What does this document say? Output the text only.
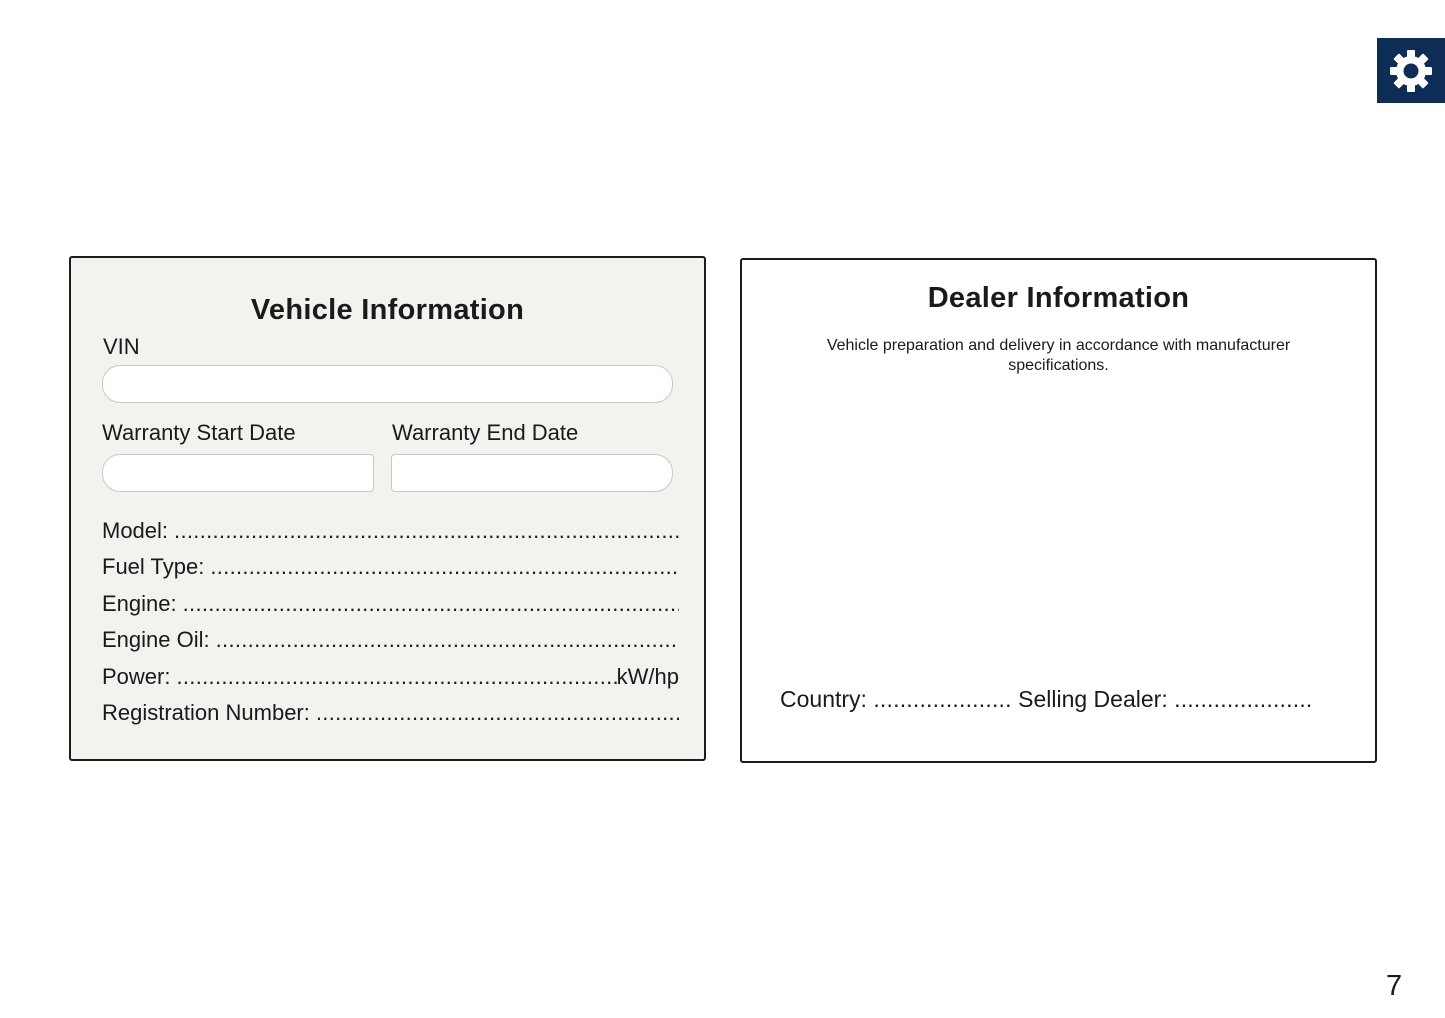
Vehicle Information
VIN
Warranty Start Date	Warranty End Date
Model:
.....
Fuel Type:
.....
Engine:
.....
Engine Oil:
.....
Power:
.....	kW/hp
Registration Number:
.....
Dealer Information
Vehicle preparation and delivery in accordance with manufacturer specifications.
Country: ..................... Selling Dealer: .....................
7
